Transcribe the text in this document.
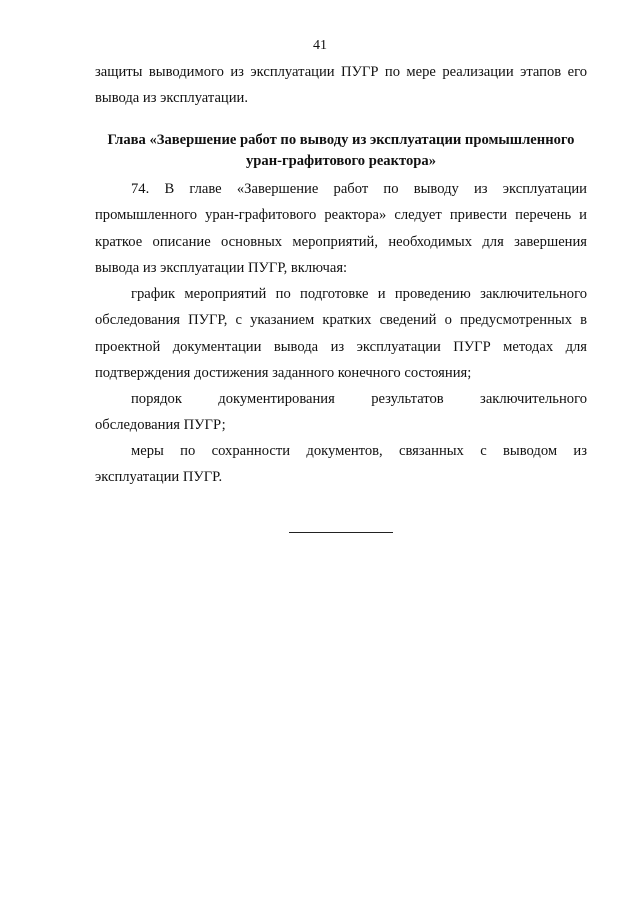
41
защиты выводимого из эксплуатации ПУГР по мере реализации этапов его вывода из эксплуатации.
Глава «Завершение работ по выводу из эксплуатации промышленного уран-графитового реактора»
74. В главе «Завершение работ по выводу из эксплуатации промышленного уран-графитового реактора» следует привести перечень и краткое описание основных мероприятий, необходимых для завершения вывода из эксплуатации ПУГР, включая:
график мероприятий по подготовке и проведению заключительного обследования ПУГР, с указанием кратких сведений о предусмотренных в проектной документации вывода из эксплуатации ПУГР методах для подтверждения достижения заданного конечного состояния;
порядок документирования результатов заключительного
обследования ПУГР;
меры по сохранности документов, связанных с выводом из
эксплуатации ПУГР.
